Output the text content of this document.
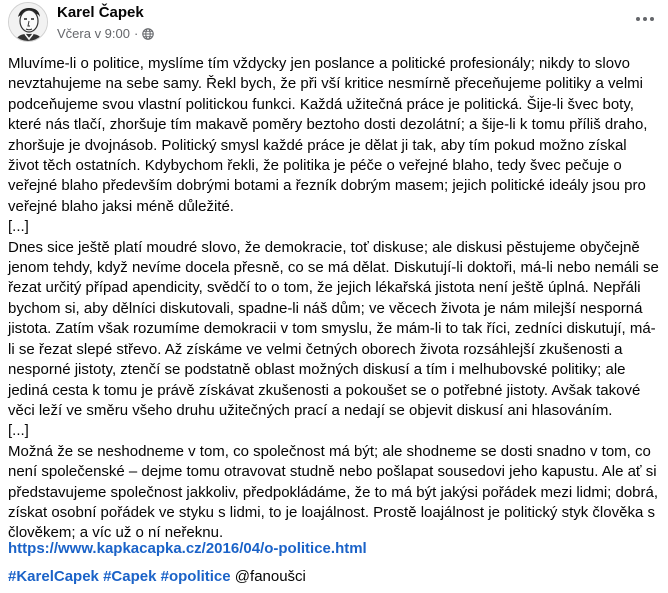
Karel Čapek
Včera v 9:00 ·

Mluvíme-li o politice, myslíme tím vždycky jen poslance a politické profesionály; nikdy to slovo nevztahujeme na sebe samy. Řekl bych, že při vší kritice nesmírně přeceňujeme politiky a velmi podceňujeme svou vlastní politickou funkci. Každá užitečná práce je politická. Šije-li švec boty, které nás tlačí, zhoršuje tím makavě poměry beztoho dosti dezolátní; a šije-li k tomu příliš draho, zhoršuje je dvojnásob. Politický smysl každé práce je dělat ji tak, aby tím pokud možno získal život těch ostatních. Kdybychom řekli, že politika je péče o veřejné blaho, tedy švec pečuje o veřejné blaho především dobrými botami a řezník dobrým masem; jejich politické ideály jsou pro veřejné blaho jaksi méně důležité.

[...]

Dnes sice ještě platí moudré slovo, že demokracie, toť diskuse; ale diskusi pěstujeme obyčejně jenom tehdy, když nevíme docela přesně, co se má dělat. Diskutují-li doktoři, má-li nebo nemáli se řezat určitý případ apendicity, svědčí to o tom, že jejich lékařská jistota není ještě úplná. Nepřáli bychom si, aby dělníci diskutovali, spadne-li náš dům; ve věcech života je nám milejší nesporná jistota. Zatím však rozumíme demokracii v tom smyslu, že mám-li to tak říci, zedníci diskutují, má-li se řezat slepé střevo. Až získáme ve velmi četných oborech života rozsáhlejší zkušenosti a nesporné jistoty, ztenčí se podstatně oblast možných diskusí a tím i melhubovské politiky; ale jediná cesta k tomu je právě získávat zkušenosti a pokoušet se o potřebné jistoty. Avšak takové věci leží ve směru všeho druhu užitečných prací a nedají se objevit diskusí ani hlasováním.

[...]

Možná že se neshodneme v tom, co společnost má být; ale shodneme se dosti snadno v tom, co není společenské – dejme tomu otravovat studně nebo pošlapat sousedovi jeho kapustu. Ale ať si představujeme společnost jakkoliv, předpokládáme, že to má být jakýsi pořádek mezi lidmi; dobrá, získat osobní pořádek ve styku s lidmi, to je loajálnost. Prostě loajálnost je politický styk člověka s člověkem; a víc už o ní neřeknu.

https://www.kapkacapka.cz/2016/04/o-politice.html
#KarelCapek #Capek #opolitice @fanoušci
